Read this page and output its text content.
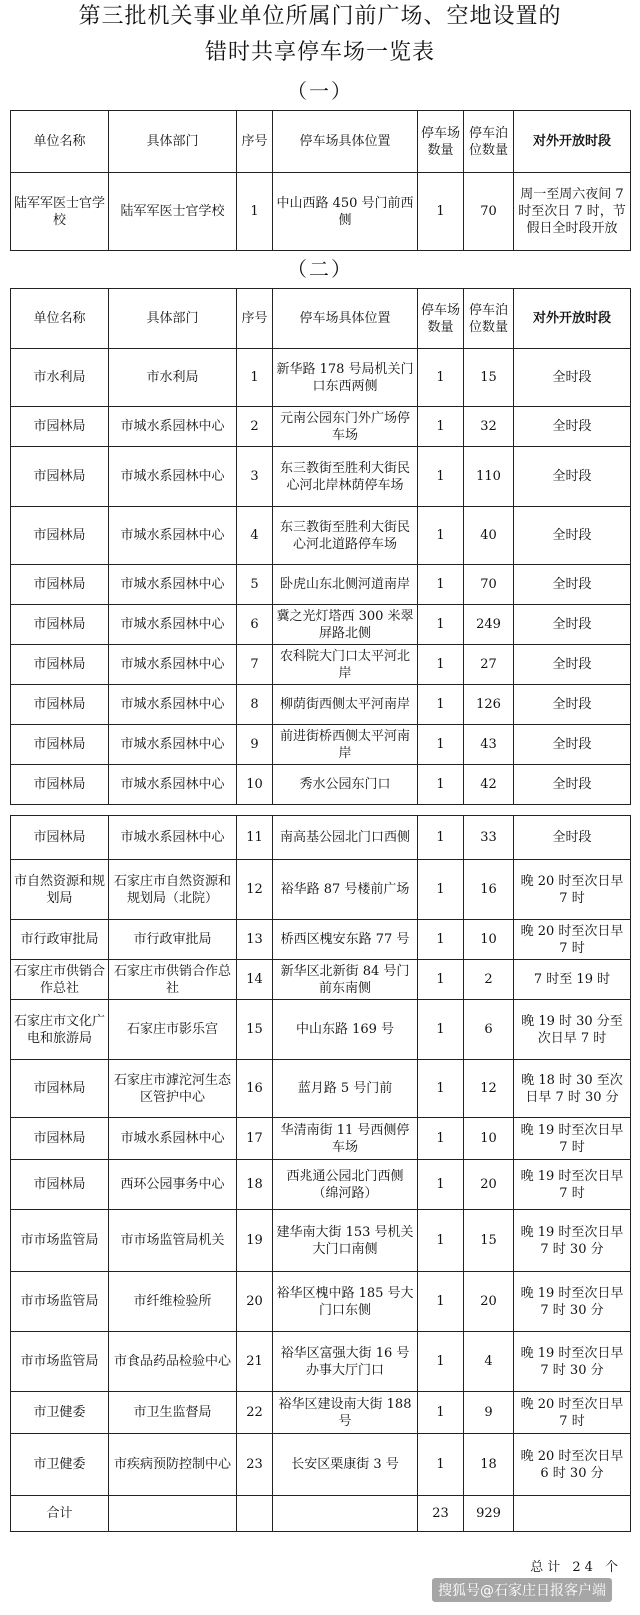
第三批机关事业单位所属门前广场、空地设置的
错时共享停车场一览表
（一）
单位名称	具体部门	序号	停车场具体位置	停车场数量	停车泊位数量	对外开放时段
陆军军医士官学校	陆军军医士官学校	1	中山西路 450 号门前西侧	1	70	周一至周六夜间 7 时至次日 7 时，节假日全时段开放
（二）
单位名称	具体部门	序号	停车场具体位置	停车场数量	停车泊位数量	对外开放时段
市水利局	市水利局	1	新华路 178 号局机关门口东西两侧	1	15	全时段
市园林局	市城水系园林中心	2	元南公园东门外广场停车场	1	32	全时段
市园林局	市城水系园林中心	3	东三教街至胜利大街民心河北岸林荫停车场	1	110	全时段
市园林局	市城水系园林中心	4	东三教街至胜利大街民心河北道路停车场	1	40	全时段
市园林局	市城水系园林中心	5	卧虎山东北侧河道南岸	1	70	全时段
市园林局	市城水系园林中心	6	冀之光灯塔西 300 米翠屏路北侧	1	249	全时段
市园林局	市城水系园林中心	7	农科院大门口太平河北岸	1	27	全时段
市园林局	市城水系园林中心	8	柳荫街西侧太平河南岸	1	126	全时段
市园林局	市城水系园林中心	9	前进街桥西侧太平河南岸	1	43	全时段
市园林局	市城水系园林中心	10	秀水公园东门口	1	42	全时段
市园林局	市城水系园林中心	11	南高基公园北门口西侧	1	33	全时段
市自然资源和规划局	石家庄市自然资源和规划局（北院）	12	裕华路 87 号楼前广场	1	16	晚 20 时至次日早 7 时
市行政审批局	市行政审批局	13	桥西区槐安东路 77 号	1	10	晚 20 时至次日早 7 时
石家庄市供销合作总社	石家庄市供销合作总社	14	新华区北新街 84 号门前东南侧	1	2	7 时至 19 时
石家庄市文化广电和旅游局	石家庄市影乐宫	15	中山东路 169 号	1	6	晚 19 时 30 分至次日早 7 时
市园林局	石家庄市滹沱河生态区管护中心	16	蓝月路 5 号门前	1	12	晚 18 时 30 至次日早 7 时 30 分
市园林局	市城水系园林中心	17	华清南街 11 号西侧停车场	1	10	晚 19 时至次日早 7 时
市园林局	西环公园事务中心	18	西兆通公园北门西侧（绵河路）	1	20	晚 19 时至次日早 7 时
市市场监管局	市市场监管局机关	19	建华南大街 153 号机关大门口南侧	1	15	晚 19 时至次日早 7 时 30 分
市市场监管局	市纤维检验所	20	裕华区槐中路 185 号大门口东侧	1	20	晚 19 时至次日早 7 时 30 分
市市场监管局	市食品药品检验中心	21	裕华区富强大街 16 号办事大厅门口	1	4	晚 19 时至次日早 7 时 30 分
市卫健委	市卫生监督局	22	裕华区建设南大街 188 号	1	9	晚 20 时至次日早 7 时
市卫健委	市疾病预防控制中心	23	长安区栗康街 3 号	1	18	晚 20 时至次日早 6 时 30 分
合计				23	929	
总计 24 个
搜狐号@石家庄日报客户端
